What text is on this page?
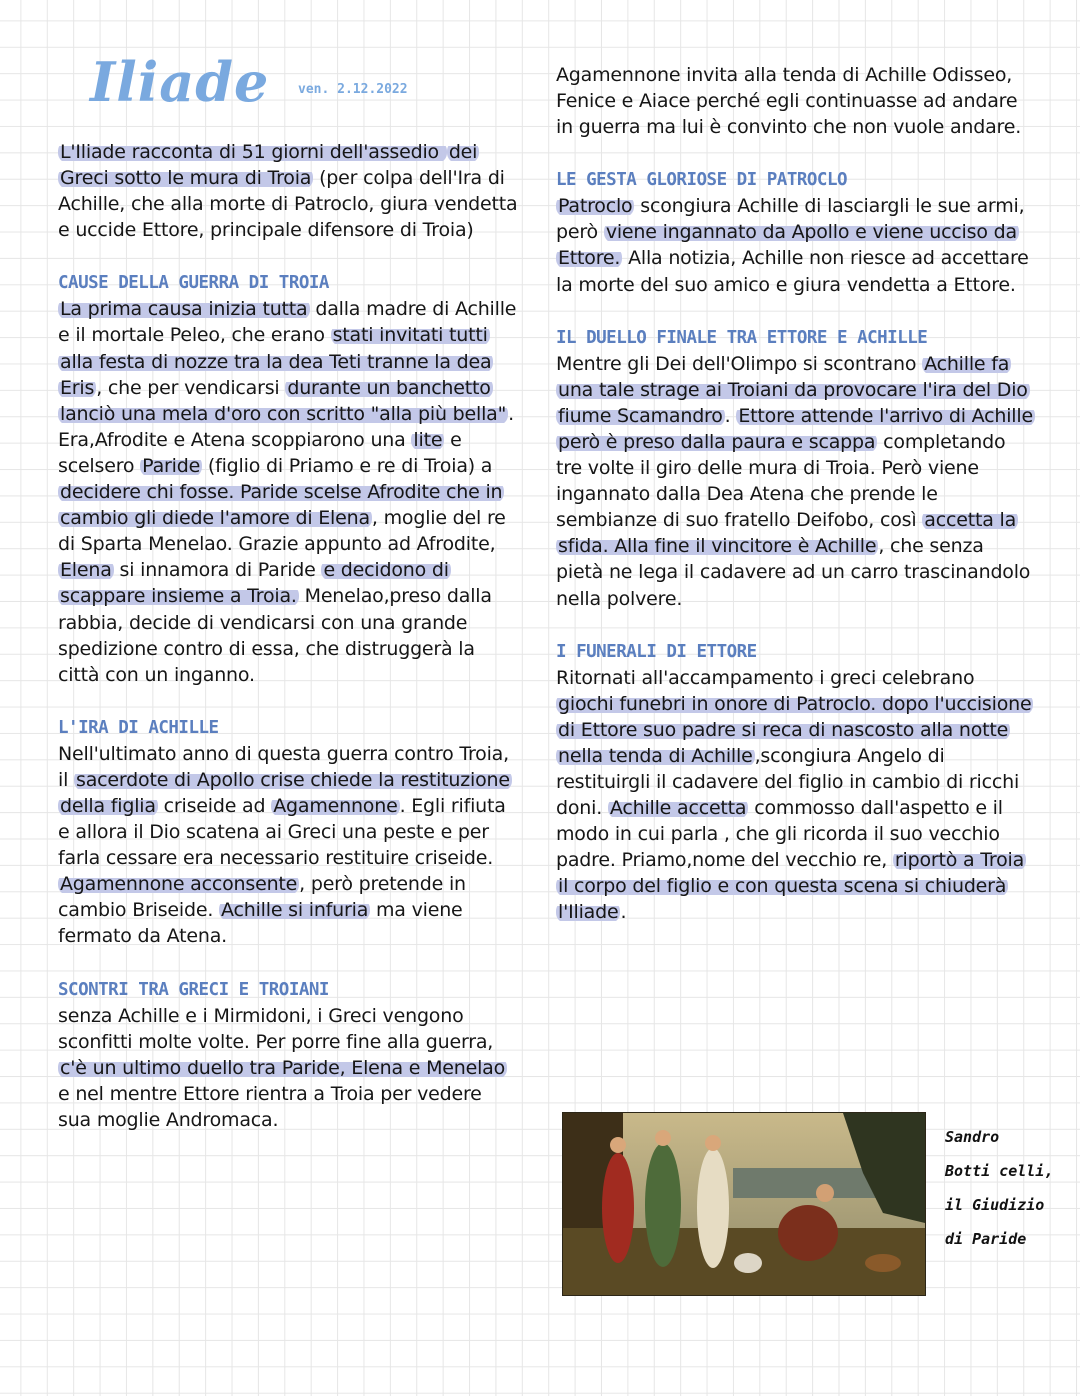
Iliade ven. 2.12.2022

L'Iliade racconta di 51 giorni dell'assedio dei Greci sotto le mura di Troia (per colpa dell'Ira di Achille, che alla morte di Patroclo, giura vendetta e uccide Ettore, principale difensore di Troia)

CAUSE DELLA GUERRA DI TROIA

La prima causa inizia tutta dalla madre di Achille e il mortale Peleo, che erano stati invitati tutti alla festa di nozze tra la dea Teti tranne la dea Eris , che per vendicarsi durante un banchetto lanciò una mela d'oro con scritto "alla più bella" . Era,Afrodite e Atena scoppiarono una lite e scelsero Paride (figlio di Priamo e re di Troia) a decidere chi fosse. Paride scelse Afrodite che in cambio gli diede l'amore di Elena , moglie del re di Sparta Menelao. Grazie appunto ad Afrodite, Elena si innamora di Paride e decidono di scappare insieme a Troia. Menelao,preso dalla rabbia, decide di vendicarsi con una grande spedizione contro di essa, che distruggerà la città con un inganno.

L'IRA DI ACHILLE

Nell'ultimato anno di questa guerra contro Troia, il sacerdote di Apollo crise chiede la restituzione della figlia criseide ad Agamennone . Egli rifiuta e allora il Dio scatena ai Greci una peste e per farla cessare era necessario restituire criseide. Agamennone acconsente , però pretende in cambio Briseide. Achille si infuria ma viene fermato da Atena.

SCONTRI TRA GRECI E TROIANI

senza Achille e i Mirmidoni, i Greci vengono sconfitti molte volte. Per porre fine alla guerra, c'è un ultimo duello tra Paride, Elena e Menelao e nel mentre Ettore rientra a Troia per vedere sua moglie Andromaca.

Agamennone invita alla tenda di Achille Odisseo, Fenice e Aiace perché egli continuasse ad andare in guerra ma lui è convinto che non vuole andare.

LE GESTA GLORIOSE DI PATROCLO

Patroclo scongiura Achille di lasciargli le sue armi, però viene ingannato da Apollo e viene ucciso da Ettore. Alla notizia, Achille non riesce ad accettare la morte del suo amico e giura vendetta a Ettore.

IL DUELLO FINALE TRA ETTORE E ACHILLE

Mentre gli Dei dell'Olimpo si scontrano Achille fa una tale strage ai Troiani da provocare l'ira del Dio fiume Scamandro . Ettore attende l'arrivo di Achille però è preso dalla paura e scappa completando tre volte il giro delle mura di Troia. Però viene ingannato dalla Dea Atena che prende le sembianze di suo fratello Deifobo, così accetta la sfida. Alla fine il vincitore è Achille , che senza pietà ne lega il cadavere ad un carro trascinandolo nella polvere.

I FUNERALI DI ETTORE

Ritornati all'accampamento i greci celebrano giochi funebri in onore di Patroclo. dopo l'uccisione di Ettore suo padre si reca di nascosto alla notte nella tenda di Achille ,scongiura Angelo di restituirgli il cadavere del figlio in cambio di ricchi doni. Achille accetta commosso dall'aspetto e il modo in cui parla , che gli ricorda il suo vecchio padre. Priamo,nome del vecchio re, riportò a Troia il corpo del figlio e con questa scena si chiuderà l'Iliade .

Sandro
Botti celli,
il Giudizio
di Paride
